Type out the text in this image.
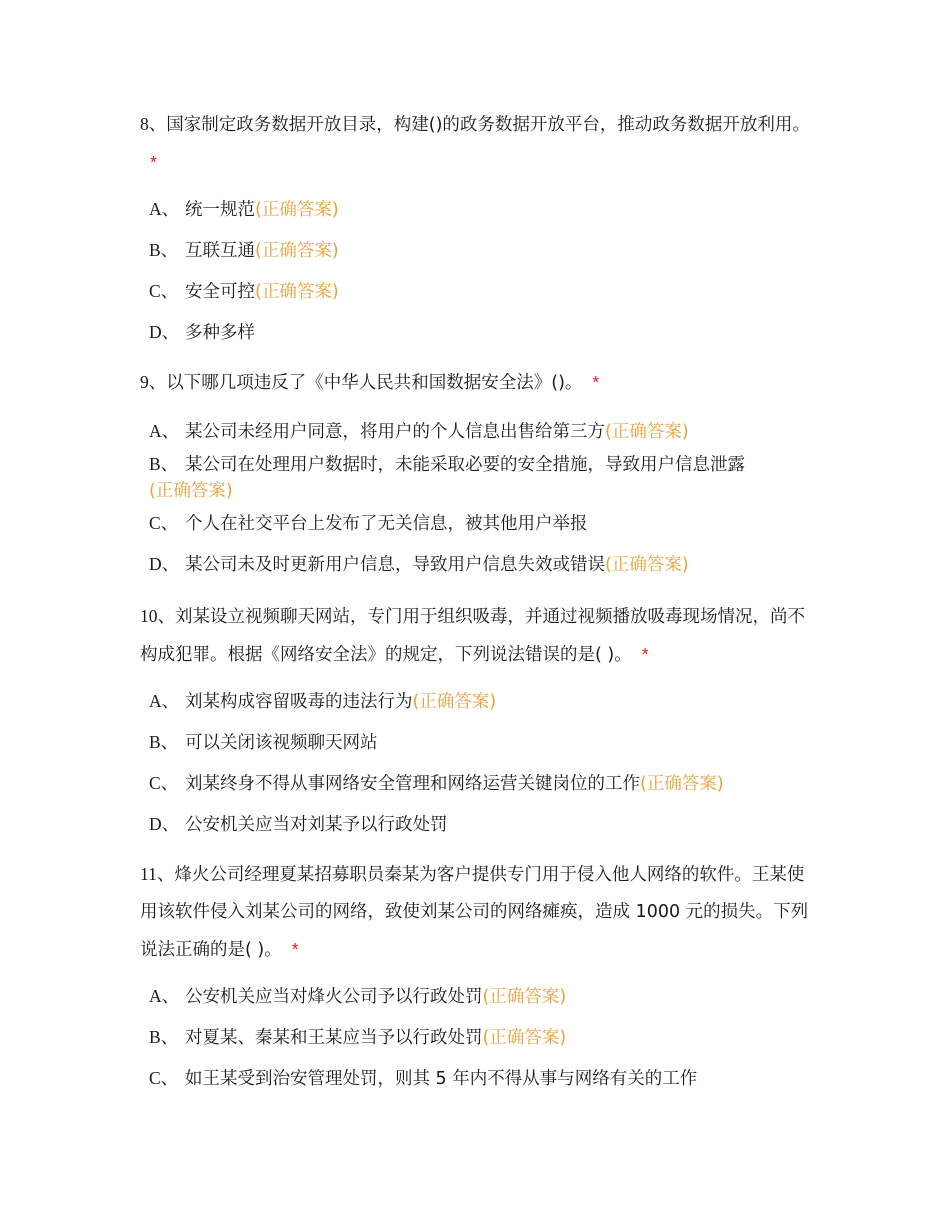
8、国家制定政务数据开放目录，构建()的政务数据开放平台，推动政务数据开放利用。*

A、 统一规范(正确答案)
B、 互联互通(正确答案)
C、 安全可控(正确答案)
D、 多种多样

9、以下哪几项违反了《中华人民共和国数据安全法》()。 *

A、 某公司未经用户同意，将用户的个人信息出售给第三方(正确答案)
B、 某公司在处理用户数据时，未能采取必要的安全措施，导致用户信息泄露
(正确答案)
C、 个人在社交平台上发布了无关信息，被其他用户举报
D、 某公司未及时更新用户信息，导致用户信息失效或错误(正确答案)

10、刘某设立视频聊天网站，专门用于组织吸毒，并通过视频播放吸毒现场情况，尚不构成犯罪。根据《网络安全法》的规定，下列说法错误的是( )。 *

A、 刘某构成容留吸毒的违法行为(正确答案)
B、 可以关闭该视频聊天网站
C、 刘某终身不得从事网络安全管理和网络运营关键岗位的工作(正确答案)
D、 公安机关应当对刘某予以行政处罚

11、烽火公司经理夏某招募职员秦某为客户提供专门用于侵入他人网络的软件。王某使用该软件侵入刘某公司的网络，致使刘某公司的网络瘫痪，造成 1000 元的损失。下列说法正确的是( )。 *

A、 公安机关应当对烽火公司予以行政处罚(正确答案)
B、 对夏某、秦某和王某应当予以行政处罚(正确答案)
C、 如王某受到治安管理处罚，则其 5 年内不得从事与网络有关的工作
